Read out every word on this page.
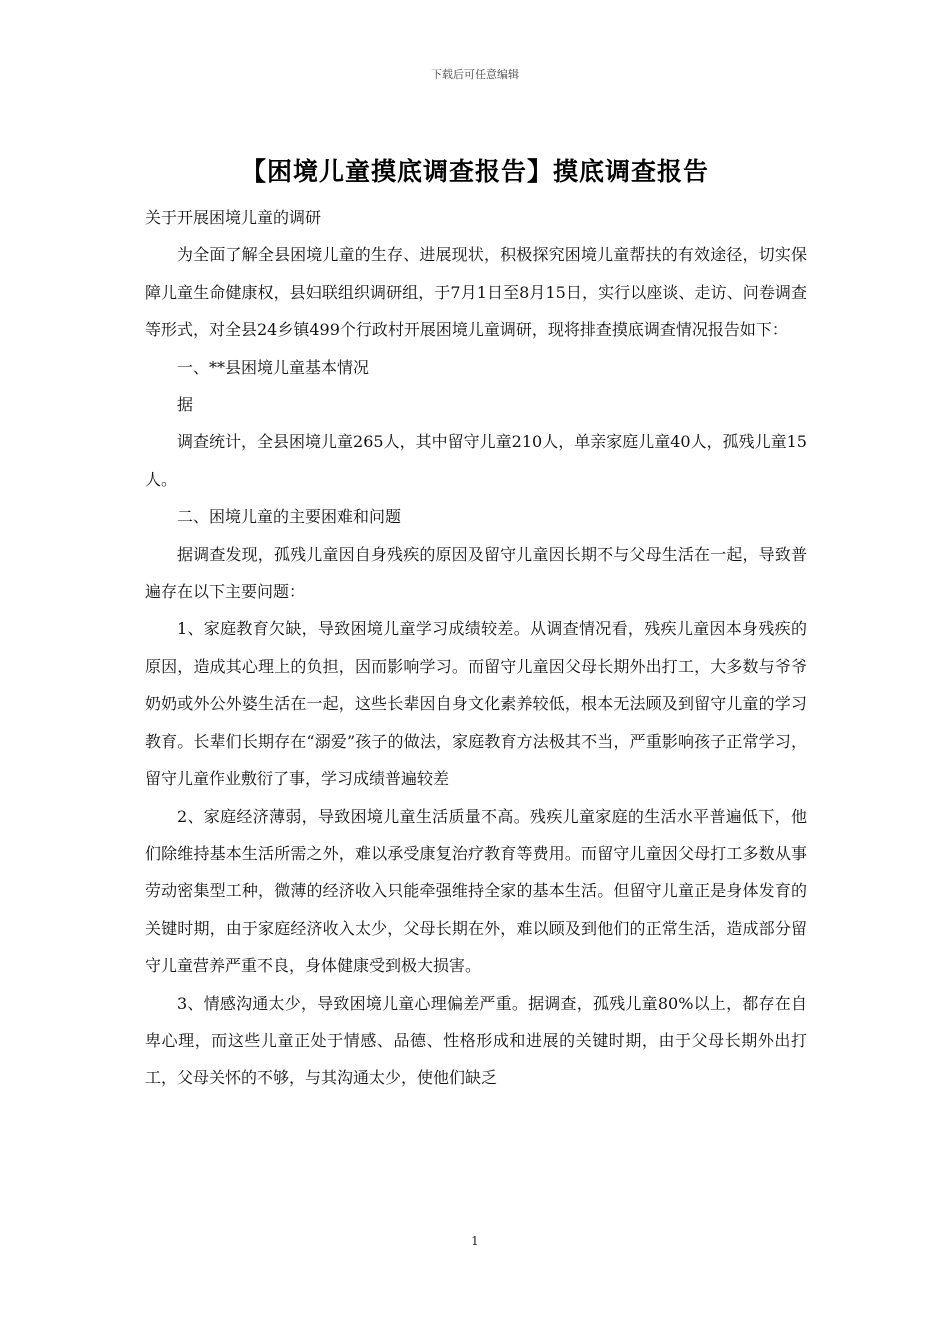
下载后可任意编辑
【困境儿童摸底调查报告】摸底调查报告

关于开展困境儿童的调研

为全面了解全县困境儿童的生存、进展现状，积极探究困境儿童帮扶的有效途径，切实保障儿童生命健康权，县妇联组织调研组，于7月1日至8月15日，实行以座谈、走访、问卷调查等形式，对全县24乡镇499个行政村开展困境儿童调研，现将排查摸底调查情况报告如下：

一、**县困境儿童基本情况

据

调查统计，全县困境儿童265人，其中留守儿童210人，单亲家庭儿童40人，孤残儿童15人。

二、困境儿童的主要困难和问题

据调查发现，孤残儿童因自身残疾的原因及留守儿童因长期不与父母生活在一起，导致普遍存在以下主要问题：

1、家庭教育欠缺，导致困境儿童学习成绩较差。从调查情况看，残疾儿童因本身残疾的原因，造成其心理上的负担，因而影响学习。而留守儿童因父母长期外出打工，大多数与爷爷奶奶或外公外婆生活在一起，这些长辈因自身文化素养较低，根本无法顾及到留守儿童的学习教育。长辈们长期存在“溺爱”孩子的做法，家庭教育方法极其不当，严重影响孩子正常学习，留守儿童作业敷衍了事，学习成绩普遍较差

2、家庭经济薄弱，导致困境儿童生活质量不高。残疾儿童家庭的生活水平普遍低下，他们除维持基本生活所需之外，难以承受康复治疗教育等费用。而留守儿童因父母打工多数从事劳动密集型工种，微薄的经济收入只能牵强维持全家的基本生活。但留守儿童正是身体发育的关键时期，由于家庭经济收入太少，父母长期在外，难以顾及到他们的正常生活，造成部分留守儿童营养严重不良，身体健康受到极大损害。

3、情感沟通太少，导致困境儿童心理偏差严重。据调查，孤残儿童80%以上，都存在自卑心理，而这些儿童正处于情感、品德、性格形成和进展的关键时期，由于父母长期外出打工，父母关怀的不够，与其沟通太少，使他们缺乏

1
